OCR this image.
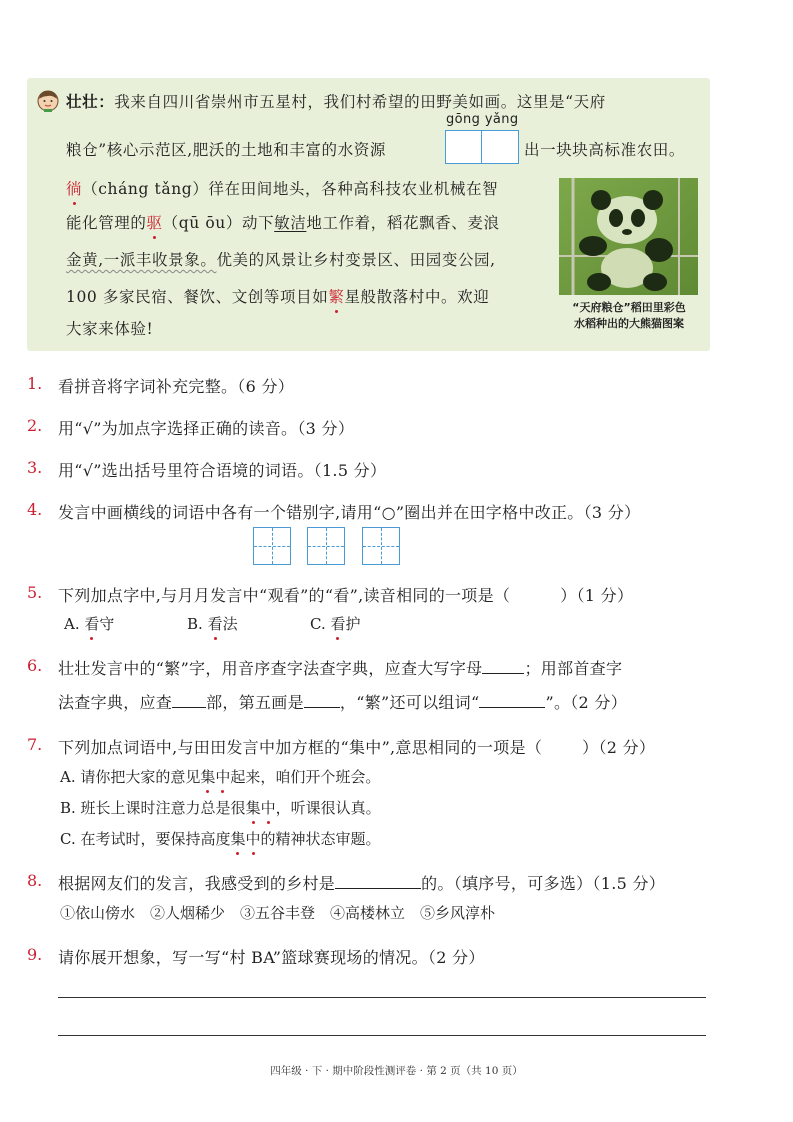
壮壮：我来自四川省崇州市五星村，我们村希望的田野美如画。这里是“天府
gōng yǎng
粮仓”核心示范区,肥沃的土地和丰富的水资源	出一块块高标准农田。
徜（cháng tǎng）徉在田间地头，各种高科技农业机械在智
能化管理的驱（qū ōu）动下敏洁地工作着，稻花飘香、麦浪
金黄,一派丰收景象。优美的风景让乡村变景区、田园变公园,
100 多家民宿、餐饮、文创等项目如繁星般散落村中。欢迎
大家来体验!
“天府粮仓”稻田里彩色
水稻种出的大熊猫图案
1. 看拼音将字词补充完整。（6 分）
2. 用“√”为加点字选择正确的读音。（3 分）
3. 用“√”选出括号里符合语境的词语。（1.5 分）
4. 发言中画横线的词语中各有一个错别字,请用“○”圈出并在田字格中改正。（3 分）
5. 下列加点字中,与月月发言中“观看”的“看”,读音相同的一项是（	）（1 分）
A. 看守	B. 看法	C. 看护
6. 壮壮发言中的“繁”字，用音序查字法查字典，应查大写字母	；用部首查字
法查字典，应查 部，第五画是 ，“繁”还可以组词“	”。（2 分）
7. 下列加点词语中,与田田发言中加方框的“集中”,意思相同的一项是（	）（2 分）
A. 请你把大家的意见集中起来，咱们开个班会。
B. 班长上课时注意力总是很集中，听课很认真。
C. 在考试时，要保持高度集中的精神状态审题。
8. 根据网友们的发言，我感受到的乡村是	的。（填序号，可多选）（1.5 分）
①依山傍水　②人烟稀少　③五谷丰登　④高楼林立　⑤乡风淳朴
9. 请你展开想象，写一写“村 BA”篮球赛现场的情况。（2 分）
四年级 · 下 · 期中阶段性测评卷 · 第 2 页（共 10 页）
